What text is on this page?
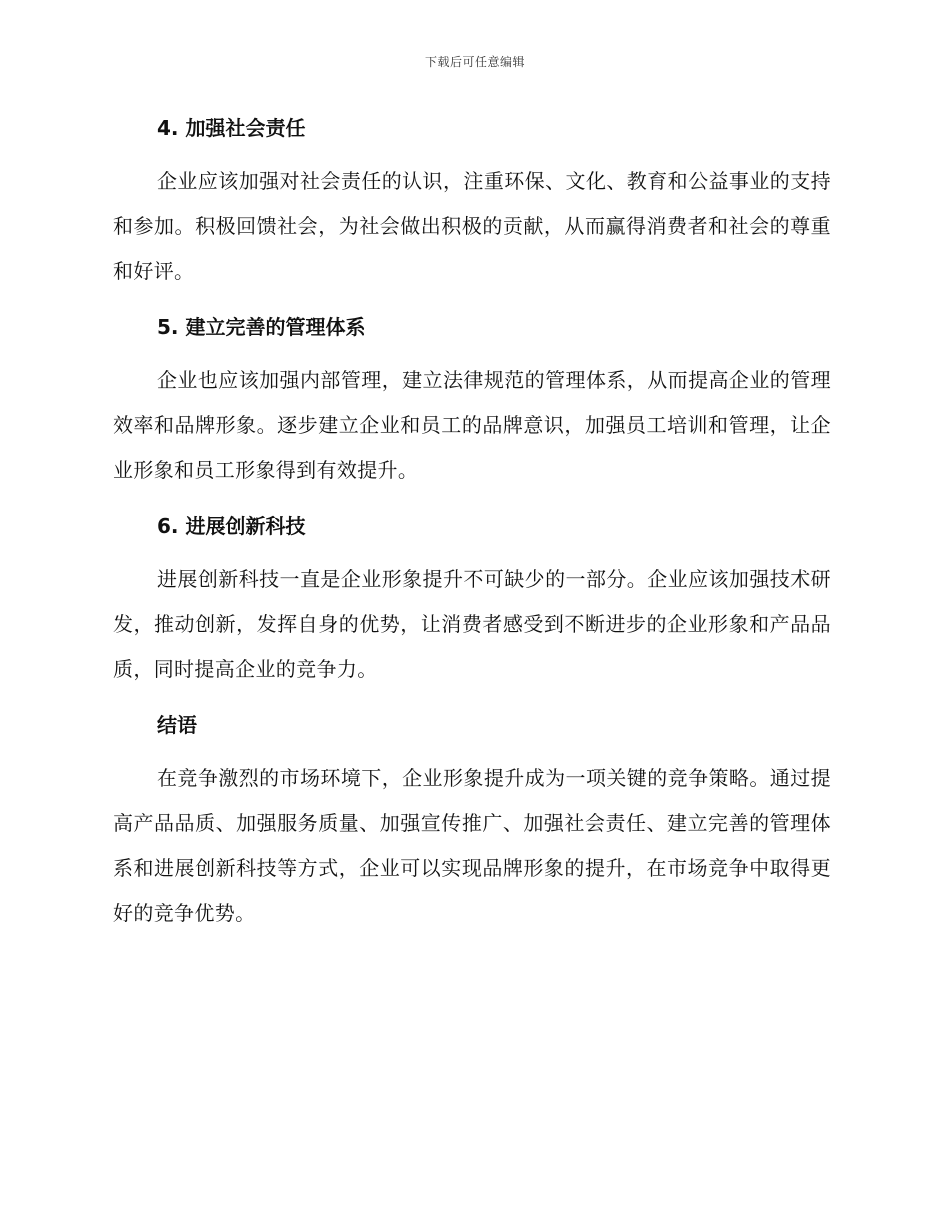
下载后可任意编辑
4. 加强社会责任

企业应该加强对社会责任的认识，注重环保、文化、教育和公益事业的支持和参加。积极回馈社会，为社会做出积极的贡献，从而赢得消费者和社会的尊重和好评。

5. 建立完善的管理体系

企业也应该加强内部管理，建立法律规范的管理体系，从而提高企业的管理效率和品牌形象。逐步建立企业和员工的品牌意识，加强员工培训和管理，让企业形象和员工形象得到有效提升。

6. 进展创新科技

进展创新科技一直是企业形象提升不可缺少的一部分。企业应该加强技术研发，推动创新，发挥自身的优势，让消费者感受到不断进步的企业形象和产品品质，同时提高企业的竞争力。

结语

在竞争激烈的市场环境下，企业形象提升成为一项关键的竞争策略。通过提高产品品质、加强服务质量、加强宣传推广、加强社会责任、建立完善的管理体系和进展创新科技等方式，企业可以实现品牌形象的提升，在市场竞争中取得更好的竞争优势。
